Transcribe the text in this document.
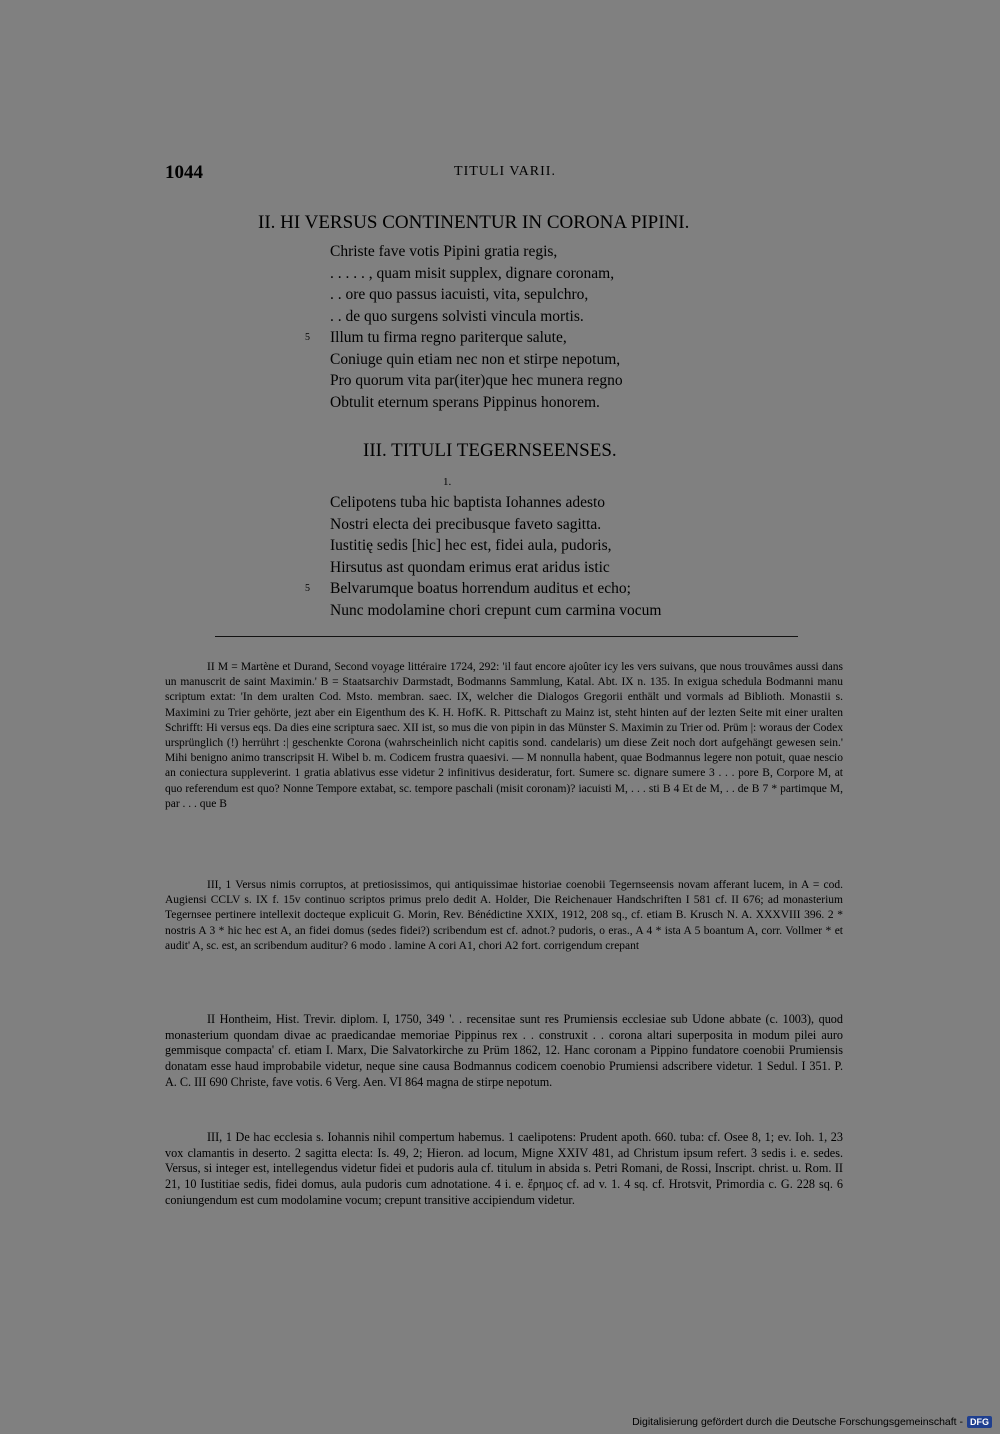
1044	TITULI VARII.
II. HI VERSUS CONTINENTUR IN CORONA PIPINI.
Christe fave votis Pipini gratia regis,
. . . . . , quam misit supplex, dignare coronam,
. . ore quo passus iacuisti, vita, sepulchro,
. . de quo surgens solvisti vincula mortis.
5 Illum tu firma regno pariterque salute,
Coniuge quin etiam nec non et stirpe nepotum,
Pro quorum vita par(iter)que hec munera regno
Obtulit eternum sperans Pippinus honorem.
III. TITULI TEGERNSEENSES.
1.
Celipotens tuba hic baptista Iohannes adesto
Nostri electa dei precibusque faveto sagitta.
Iustitię sedis [hic] hec est, fidei aula, pudoris,
Hirsutus ast quondam erimus erat aridus istic
5 Belvarumque boatus horrendum auditus et echo;
Nunc modolamine chori crepunt cum carmina vocum

II M = Martène et Durand, Second voyage littéraire 1724, 292: 'il faut encore ajoûter icy les vers suivans, que nous trouvâmes aussi dans un manuscrit de saint Maximin.' B = Staatsarchiv Darmstadt, Bodmanns Sammlung, Katal. Abt. IX n. 135. In exigua schedula Bodmanni manu scriptum extat: 'In dem uralten Cod. Msto. membran. saec. IX, welcher die Dialogos Gregorii enthält und vormals ad Biblioth. Monastii s. Maximini zu Trier gehörte, jezt aber ein Eigenthum des K. H. HofK. R. Pittschaft zu Mainz ist, steht hinten auf der lezten Seite mit einer uralten Schrifft: Hi versus eqs. Da dies eine scriptura saec. XII ist, so mus die von pipin in das Münster S. Maximin zu Trier od. Prüm |: woraus der Codex ursprünglich (!) herrührt :| geschenkte Corona (wahrscheinlich nicht capitis sond. candelaris) um diese Zeit noch dort aufgehängt gewesen sein.' Mihi benigno animo transcripsit H. Wibel b. m. Codicem frustra quaesivi. — M nonnulla habent, quae Bodmannus legere non potuit, quae nescio an coniectura suppleverint. 1 gratia ablativus esse videtur 2 infinitivus desideratur, fort. Sumere sc. dignare sumere 3 . . . pore B, Corpore M, at quo referendum est quo? Nonne Tempore extabat, sc. tempore paschali (misit coronam)? iacuisti M, . . . sti B 4 Et de M, . . de B 7 * partimque M, par . . . que B

III, 1 Versus nimis corruptos, at pretiosissimos, qui antiquissimae historiae coenobii Tegernseensis novam afferant lucem, in A = cod. Augiensi CCLV s. IX f. 15v continuo scriptos primus prelo dedit A. Holder, Die Reichenauer Handschriften I 581 cf. II 676; ad monasterium Tegernsee pertinere intellexit docteque explicuit G. Morin, Rev. Bénédictine XXIX, 1912, 208 sq., cf. etiam B. Krusch N. A. XXXVIII 396. 2 * nostris A 3 * hic hec est A, an fidei domus (sedes fidei?) scribendum est cf. adnot.? pudoris, o eras., A 4 * ista A 5 boantum A, corr. Vollmer * et audit' A, sc. est, an scribendum auditur? 6 modo . lamine A cori A1, chori A2 fort. corrigendum crepant

II Hontheim, Hist. Trevir. diplom. I, 1750, 349 '. . recensitae sunt res Prumiensis ecclesiae sub Udone abbate (c. 1003), quod monasterium quondam divae ac praedicandae memoriae Pippinus rex . . construxit . . corona altari superposita in modum pilei auro gemmisque compacta' cf. etiam I. Marx, Die Salvatorkirche zu Prüm 1862, 12. Hanc coronam a Pippino fundatore coenobii Prumiensis donatam esse haud improbabile videtur, neque sine causa Bodmannus codicem coenobio Prumiensi adscribere videtur. 1 Sedul. I 351. P. A. C. III 690 Christe, fave votis. 6 Verg. Aen. VI 864 magna de stirpe nepotum.

III, 1 De hac ecclesia s. Iohannis nihil compertum habemus. 1 caelipotens: Prudent apoth. 660. tuba: cf. Osee 8, 1; ev. Ioh. 1, 23 vox clamantis in deserto. 2 sagitta electa: Is. 49, 2; Hieron. ad locum, Migne XXIV 481, ad Christum ipsum refert. 3 sedis i. e. sedes. Versus, si integer est, intellegendus videtur fidei et pudoris aula cf. titulum in absida s. Petri Romani, de Rossi, Inscript. christ. u. Rom. II 21, 10 Iustitiae sedis, fidei domus, aula pudoris cum adnotatione. 4 i. e. ἔρημος cf. ad v. 1. 4 sq. cf. Hrotsvit, Primordia c. G. 228 sq. 6 coniungendum est cum modolamine vocum; crepunt transitive accipiendum videtur.

Digitalisierung gefördert durch die Deutsche Forschungsgemeinschaft - DFG
